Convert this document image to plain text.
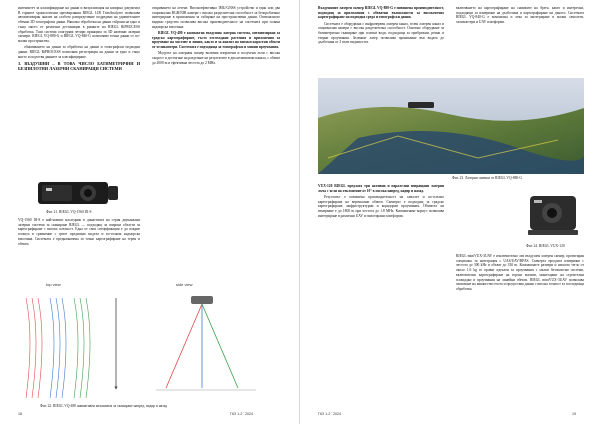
интензитет за класифициране на данни и визуализация на копирна документа В горните хронологични прехвърляния RIEGL LIB TrimAnalyzer позволява автоматизиран анализ на слабото разпределение подредени на удивителните обемни 3D топографски данни. Няколко обработки на данни събрани на едно и също място от различни дестинации в рамките на RIEGL RiPROCESS обработка. Тази система осигурява четири принципа за 3D наземни лазерни скенери. RIEGL VQ-880-G и RIEGL VQ-840-G позволяват точни данни от по-малки пространства.

обновяването на данни за обработка на данни и топографски подводни данни. RIEGL RiPROCESS позволява регистрация на данни за едно и също място и подготвя данните за класифициране.

3. ВЪЗДУШНИ – В ТОВА ЧИСЛО БАТИМЕТРИЧНИ И БЕЗПИЛОТНИ ЛАЗЕРНИ СКАНИРАЩИ СИСТЕМИ
Фиг. 21. RIEGL VQ-1560 III-S

VQ-1560 III-S е най-новият наследник в династията на серия двуканални лазерни системи за сканиране RIEGL — подходящ за широки области за картографиране с висока плътност. Една от своя спецификация е да покрие площта в сравнение с трите предишни модела и по-голяма надморска височина. Системата е предназначена за точно картографиране на терен и обекти.

откриването на летене. Високоефективно IMU/GNSS устройство и един или два опционални RGB/NIR камери с висока разделителна способност за безпроблемно интегриране в приложения за събиране на пространствени данни. Оптималното видимо средство позволява висока производителност на системата при голяма надморска височина.

RIEGL VQ-480 е компактна въздушна лазерна система, оптимизирана за градско картографиране, гъсто отглеждани растения и приложения за проучване на мостове и линии, както и за анализ на високоскоростни обекти от хеликоптери. Системата е подходяща за топографски и минни проучвания.

Модулът на лазерния скенер включва изпратени и получени лъчи с висока скорост и достигане на разделяне на резултатите в два независими канала, с обхват до 2000 m и ефективна честота до 2 MHz.

top view	side view
Фиг. 22. RIEGL VQ-480 анимативен механизъм за сканиране напред, надир и назад
18	ГКЗ 1-2 ' 2024

Въздушният лазерен скенер RIEGL VQ-880-G е повишена производителност, подходящ за приложения с обхватни възможности за високоточно картографиране на подводна среда и топографски данни.

Системата е оборудвана с инфрачервен лазерен канал, зелен лазерен канал и опционални камери с висока разделителна способност. Основно оборудване за батиметрично сканиране при плитки води, подходяща за прибрежни, речни и езерни проучвания. Зеленият лазер позволява проникване във водата до дълбочина от 2 пъти видимостта.

включването на картографиране на снимките на брега, както и интересни, подходящи за измерване на дълбочина и картографиране на дъното. Системата RIEGL VQ-840-G е компактна и лека за интегриране в малки самолети, хеликоптери и UAV платформи.

Фиг. 23. Лазерни снимки от RIEGL VQ-880-G

VUX-120 RIEGL предлага три активни и паралелни изпращани лазерни лъча с ъгли на отклонение от 10° в посока напред, надир и назад.

Резултатът е повишена производителност на самолет и по-плътно картографиране на вертикални обекти. Скенерът е подходящ за градско картографиране, инфраструктурни и коридорни проучвания. Обхватът на измерване е до 1800 m при честота до 1.8 MHz. Компактният корпус позволява интегриране в различни UAV и пилотирани платформи.

Фиг. 24. RIEGL VUX-120

RIEGL miniVUX-3UAV е изключително лек въздушен лазерен скенер, проектиран специално за интеграция с UAS/UAV/RPAS. Скенерът предлага измерване с честота до 300 kHz и обхват до 330 m. Компактните размери и ниското тегло от около 1.6 kg го правят идеален за проучвания с малки безпилотни системи, включително картографиране на горски масиви, мониторинг на строителни площадки и проучвания на линейни обекти. RIEGL miniVUX-3UAV позволява записване на множество ехота и предоставя данни с висока точност за последваща обработка.

ГКЗ 1-2 ' 2024	19
